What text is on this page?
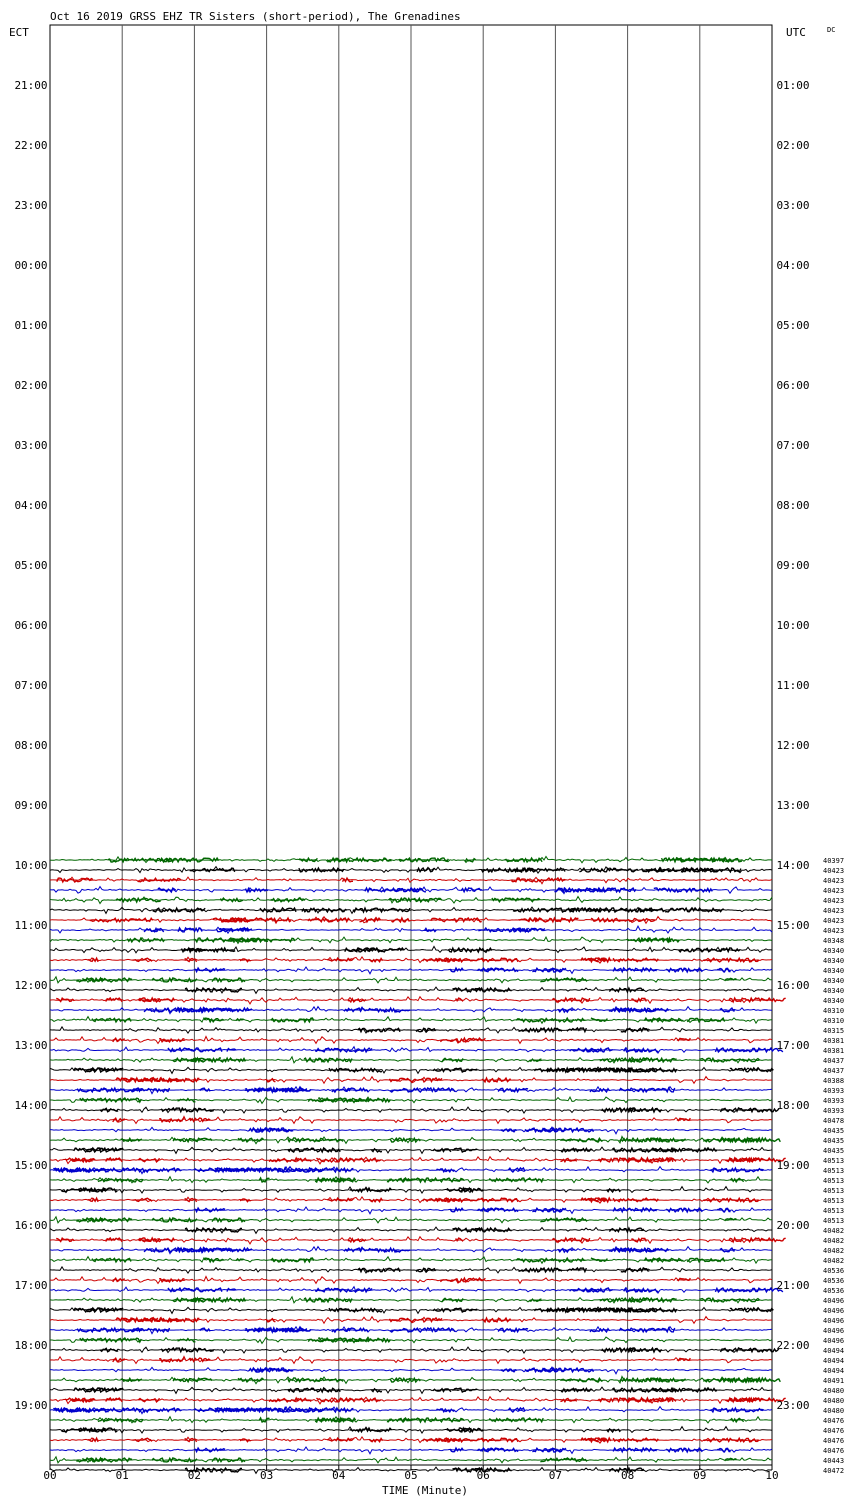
Oct 16 2019 GRSS EHZ TR Sisters (short-period), The Grenadines
ECT	UTC	DC
21:00	01:00
22:00	02:00
23:00	03:00
00:00	04:00
01:00	05:00
02:00	06:00
03:00	07:00
04:00	08:00
05:00	09:00
06:00	10:00
07:00	11:00
08:00	12:00
09:00	13:00
10:00	14:00
11:00	15:00
12:00	16:00
13:00	17:00
14:00	18:00
15:00	19:00
16:00	20:00
17:00	21:00
18:00	22:00
19:00	23:00
40397
40423
40423
40423
40423
40423
40423
40423
40348
40340
40340
40340
40340
40340
40340
40310
40310
40315
40381
40381
40437
40437
40388
40393
40393
40393
40478
40435
40435
40435
40513
40513
40513
40513
40513
40513
40513
40482
40482
40482
40482
40536
40536
40536
40496
40496
40496
40496
40496
40494
40494
40494
40491
40480
40480
40480
40476
40476
40476
40476
40443
40472
00	01	02	03	04	05	06	07	08	09	10
TIME (Minute)
